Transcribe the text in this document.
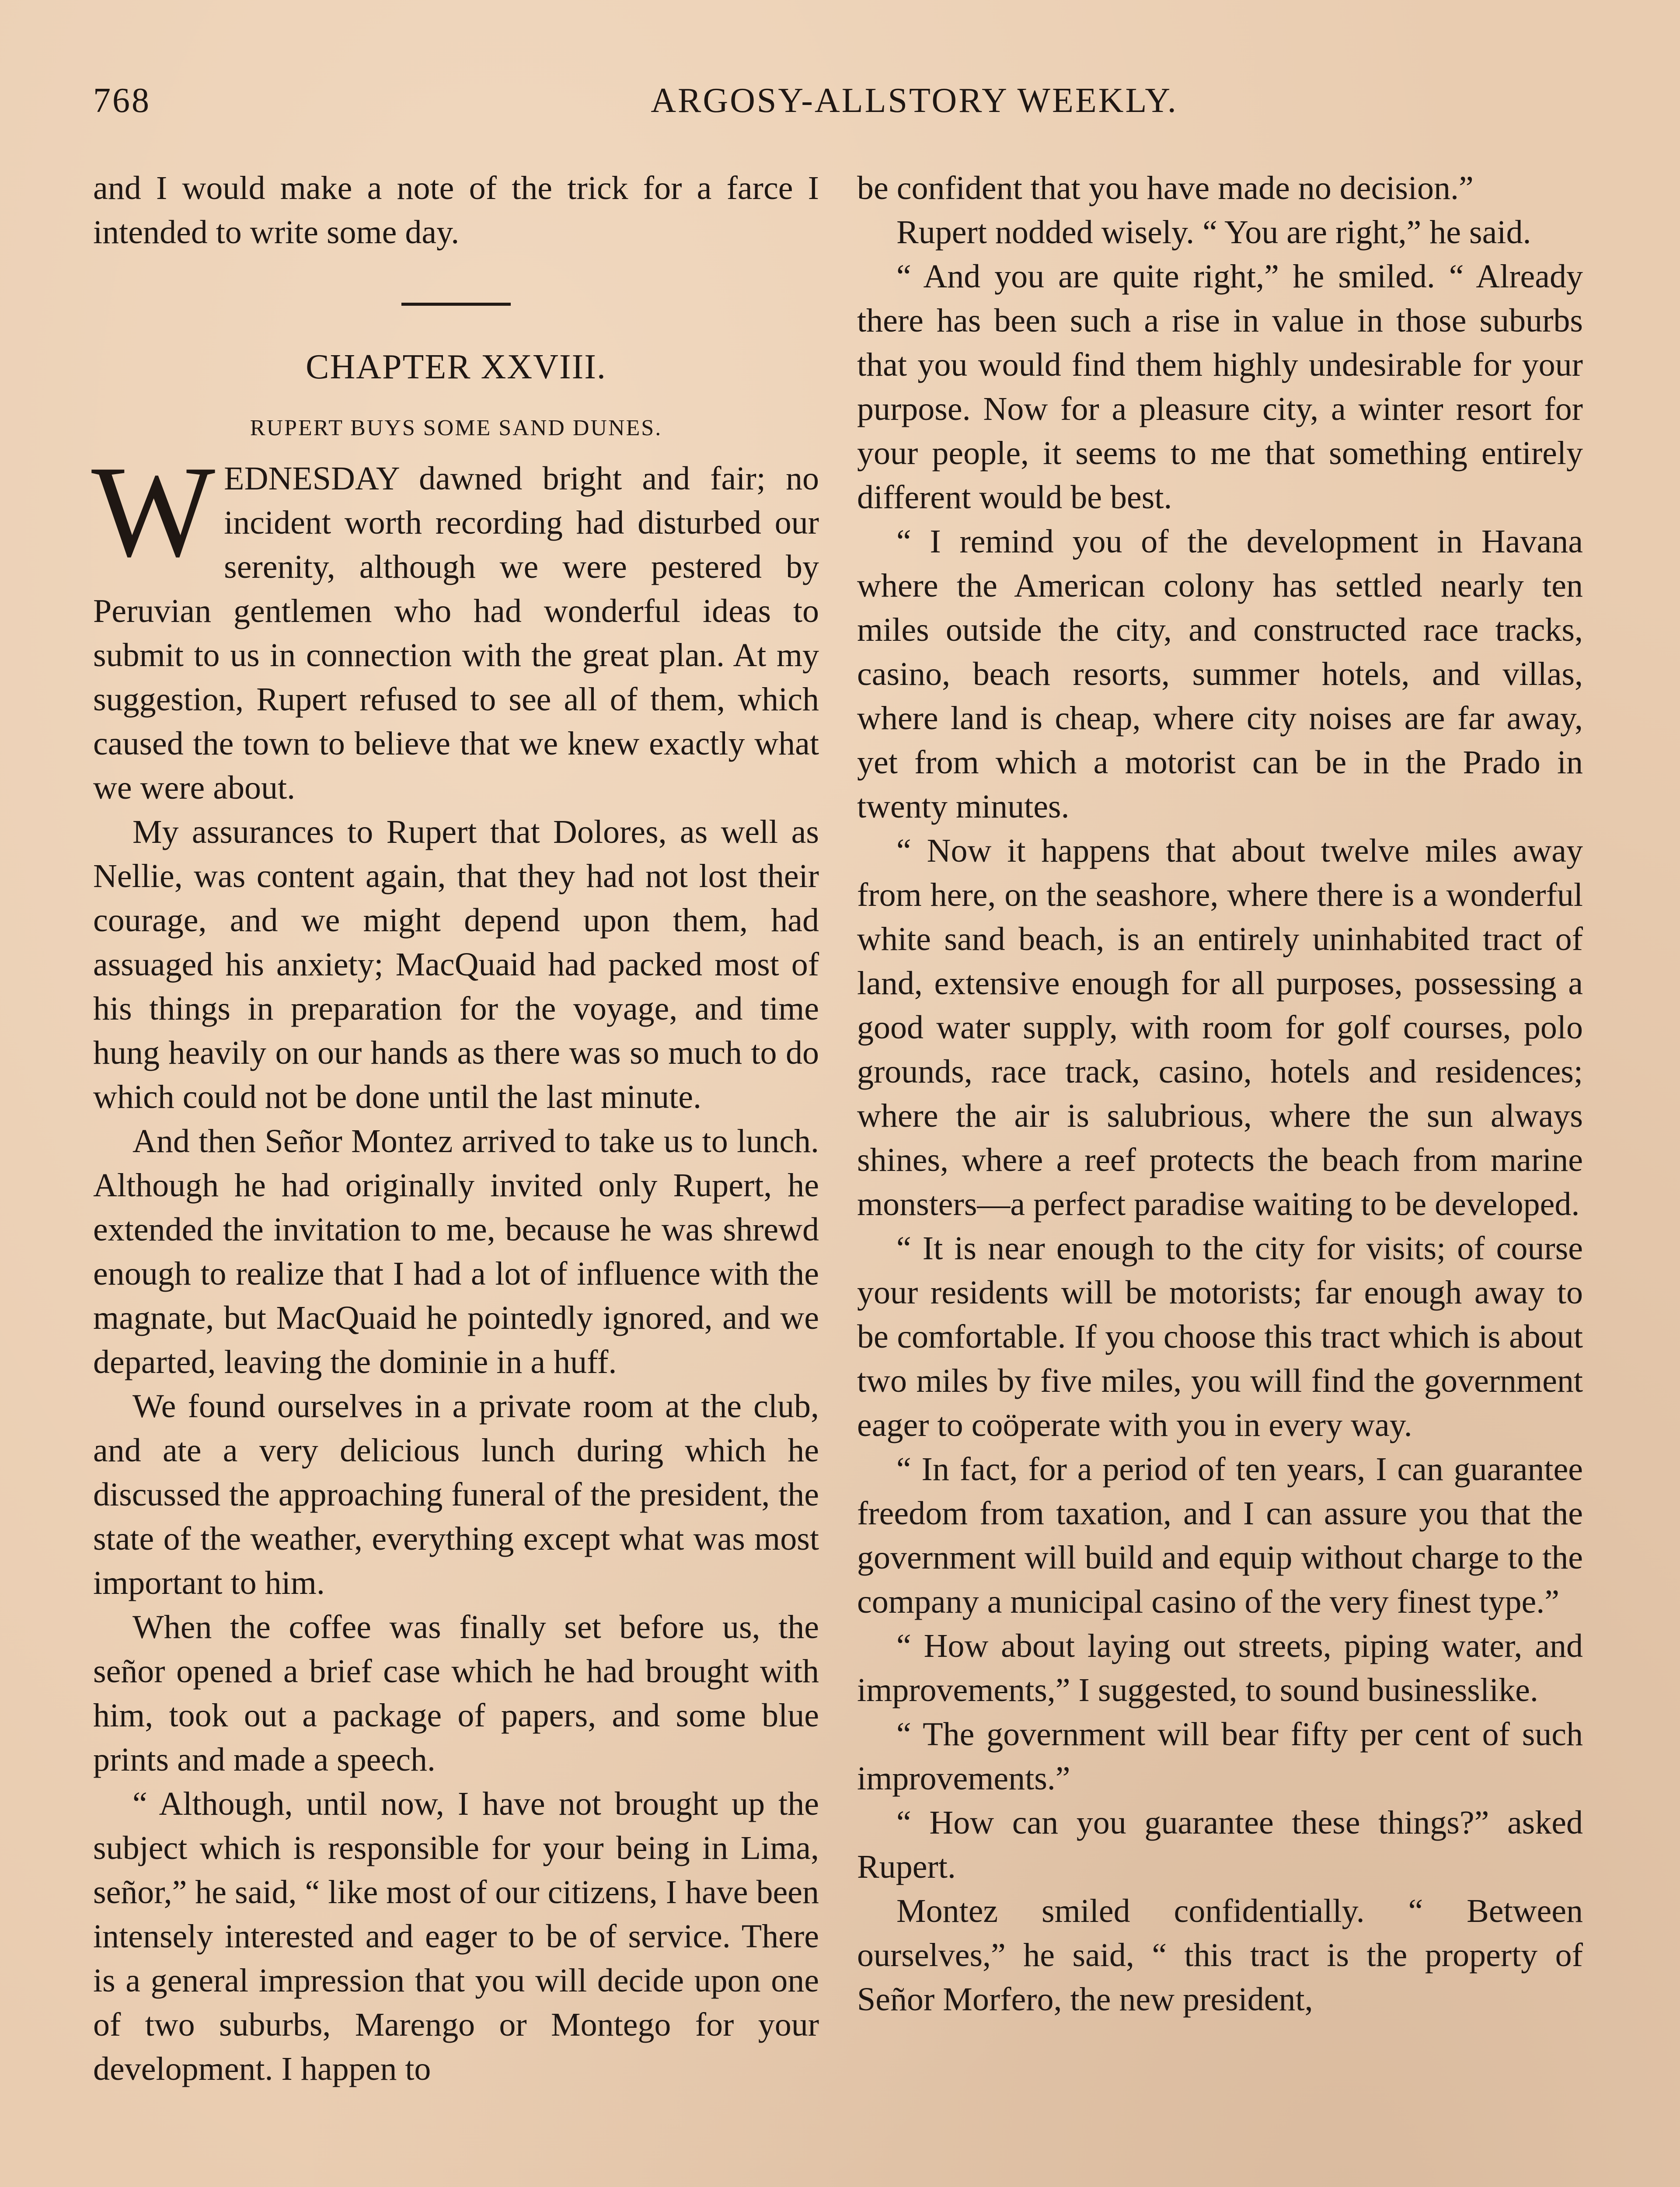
768	ARGOSY-ALLSTORY WEEKLY.

and I would make a note of the trick for a farce I intended to write some day.

CHAPTER XXVIII.
RUPERT BUYS SOME SAND DUNES.

WEDNESDAY dawned bright and fair; no incident worth recording had disturbed our serenity, although we were pestered by Peruvian gentlemen who had wonderful ideas to submit to us in connection with the great plan. At my suggestion, Rupert refused to see all of them, which caused the town to believe that we knew exactly what we were about.

My assurances to Rupert that Dolores, as well as Nellie, was content again, that they had not lost their courage, and we might depend upon them, had assuaged his anxiety; MacQuaid had packed most of his things in preparation for the voyage, and time hung heavily on our hands as there was so much to do which could not be done until the last minute.

And then Señor Montez arrived to take us to lunch. Although he had originally invited only Rupert, he extended the invitation to me, because he was shrewd enough to realize that I had a lot of influence with the magnate, but MacQuaid he pointedly ignored, and we departed, leaving the dominie in a huff.

We found ourselves in a private room at the club, and ate a very delicious lunch during which he discussed the approaching funeral of the president, the state of the weather, everything except what was most important to him.

When the coffee was finally set before us, the señor opened a brief case which he had brought with him, took out a package of papers, and some blue prints and made a speech.

“ Although, until now, I have not brought up the subject which is responsible for your being in Lima, señor,” he said, “ like most of our citizens, I have been intensely interested and eager to be of service. There is a general impression that you will decide upon one of two suburbs, Marengo or Montego for your development. I happen to

be confident that you have made no decision.”

Rupert nodded wisely. “ You are right,” he said.

“ And you are quite right,” he smiled. “ Already there has been such a rise in value in those suburbs that you would find them highly undesirable for your purpose. Now for a pleasure city, a winter resort for your people, it seems to me that something entirely different would be best.

“ I remind you of the development in Havana where the American colony has settled nearly ten miles outside the city, and constructed race tracks, casino, beach resorts, summer hotels, and villas, where land is cheap, where city noises are far away, yet from which a motorist can be in the Prado in twenty minutes.

“ Now it happens that about twelve miles away from here, on the seashore, where there is a wonderful white sand beach, is an entirely uninhabited tract of land, extensive enough for all purposes, possessing a good water supply, with room for golf courses, polo grounds, race track, casino, hotels and residences; where the air is salubrious, where the sun always shines, where a reef protects the beach from marine monsters—a perfect paradise waiting to be developed.

“ It is near enough to the city for visits; of course your residents will be motorists; far enough away to be comfortable. If you choose this tract which is about two miles by five miles, you will find the government eager to coöperate with you in every way.

“ In fact, for a period of ten years, I can guarantee freedom from taxation, and I can assure you that the government will build and equip without charge to the company a municipal casino of the very finest type.”

“ How about laying out streets, piping water, and improvements,” I suggested, to sound businesslike.

“ The government will bear fifty per cent of such improvements.”

“ How can you guarantee these things?” asked Rupert.

Montez smiled confidentially. “ Between ourselves,” he said, “ this tract is the property of Señor Morfero, the new president,
